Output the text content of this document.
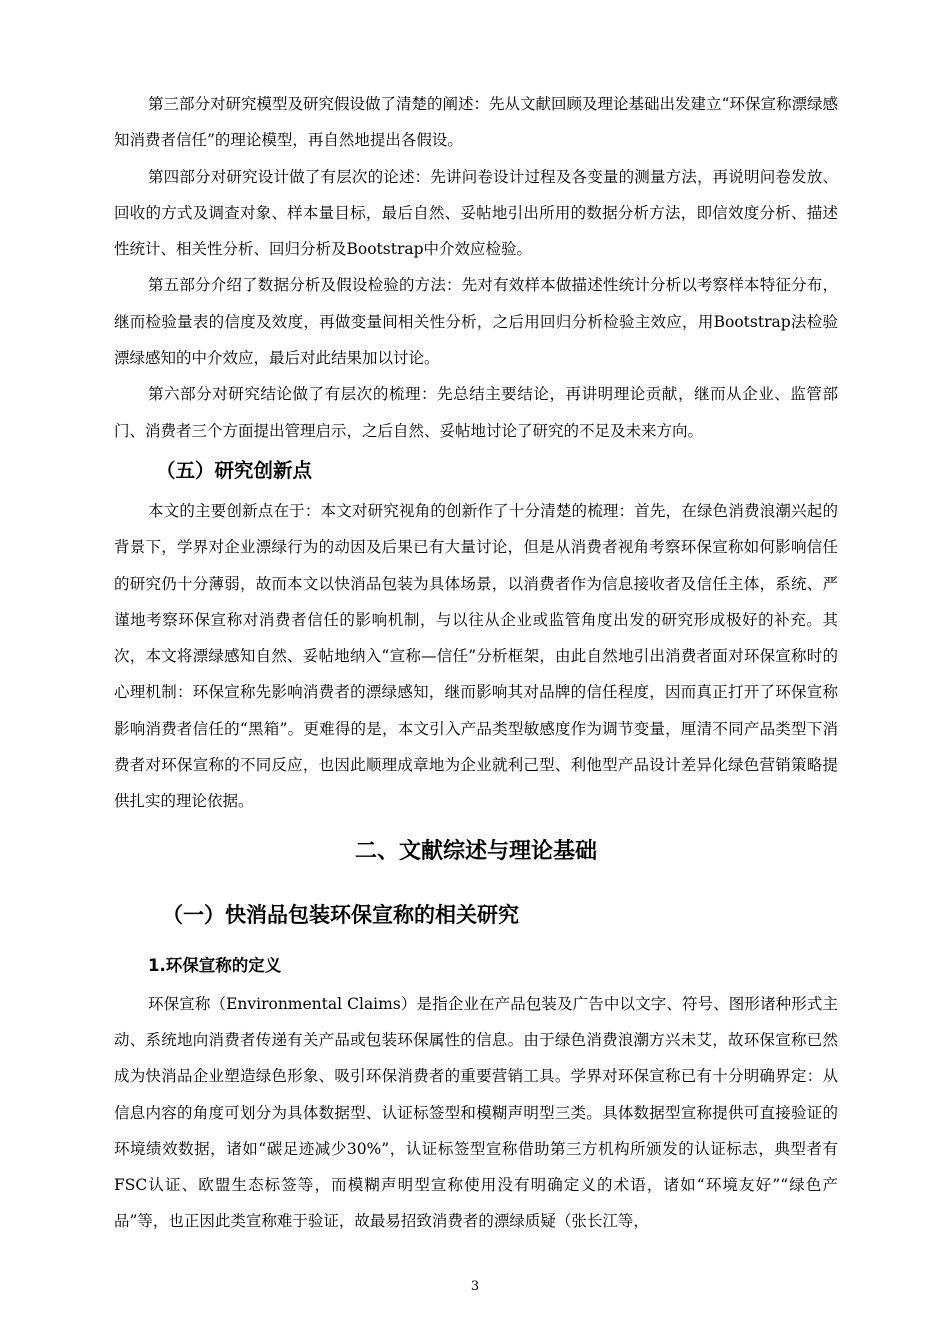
第三部分对研究模型及研究假设做了清楚的阐述：先从文献回顾及理论基础出发建立“环保宣称漂绿感知消费者信任”的理论模型，再自然地提出各假设。

第四部分对研究设计做了有层次的论述：先讲问卷设计过程及各变量的测量方法，再说明问卷发放、回收的方式及调查对象、样本量目标，最后自然、妥帖地引出所用的数据分析方法，即信效度分析、描述性统计、相关性分析、回归分析及Bootstrap中介效应检验。

第五部分介绍了数据分析及假设检验的方法：先对有效样本做描述性统计分析以考察样本特征分布，继而检验量表的信度及效度，再做变量间相关性分析，之后用回归分析检验主效应，用Bootstrap法检验漂绿感知的中介效应，最后对此结果加以讨论。

第六部分对研究结论做了有层次的梳理：先总结主要结论，再讲明理论贡献，继而从企业、监管部门、消费者三个方面提出管理启示，之后自然、妥帖地讨论了研究的不足及未来方向。

（五）研究创新点

本文的主要创新点在于：本文对研究视角的创新作了十分清楚的梳理：首先，在绿色消费浪潮兴起的背景下，学界对企业漂绿行为的动因及后果已有大量讨论，但是从消费者视角考察环保宣称如何影响信任的研究仍十分薄弱，故而本文以快消品包装为具体场景，以消费者作为信息接收者及信任主体，系统、严谨地考察环保宣称对消费者信任的影响机制，与以往从企业或监管角度出发的研究形成极好的补充。其次，本文将漂绿感知自然、妥帖地纳入“宣称—信任”分析框架，由此自然地引出消费者面对环保宣称时的心理机制：环保宣称先影响消费者的漂绿感知，继而影响其对品牌的信任程度，因而真正打开了环保宣称影响消费者信任的“黑箱”。更难得的是，本文引入产品类型敏感度作为调节变量，厘清不同产品类型下消费者对环保宣称的不同反应，也因此顺理成章地为企业就利己型、利他型产品设计差异化绿色营销策略提供扎实的理论依据。

二、文献综述与理论基础
（一）快消品包装环保宣称的相关研究
1.环保宣称的定义

环保宣称（Environmental Claims）是指企业在产品包装及广告中以文字、符号、图形诸种形式主动、系统地向消费者传递有关产品或包装环保属性的信息。由于绿色消费浪潮方兴未艾，故环保宣称已然成为快消品企业塑造绿色形象、吸引环保消费者的重要营销工具。学界对环保宣称已有十分明确界定：从信息内容的角度可划分为具体数据型、认证标签型和模糊声明型三类。具体数据型宣称提供可直接验证的环境绩效数据，诸如“碳足迹减少30%”，认证标签型宣称借助第三方机构所颁发的认证标志，典型者有FSC认证、欧盟生态标签等，而模糊声明型宣称使用没有明确定义的术语，诸如“环境友好”“绿色产品”等，也正因此类宣称难于验证，故最易招致消费者的漂绿质疑（张长江等，

3
